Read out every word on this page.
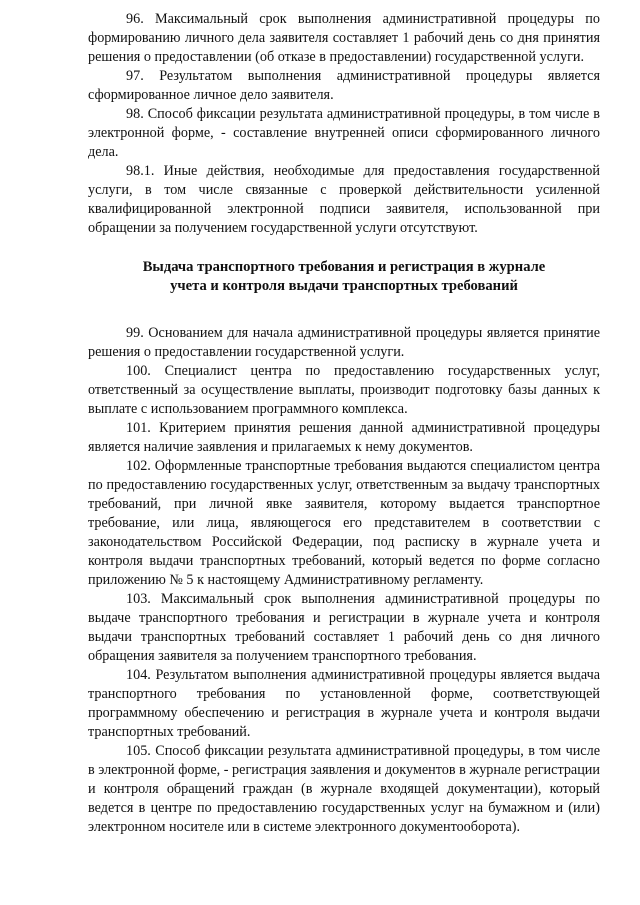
96. Максимальный срок выполнения административной процедуры по формированию личного дела заявителя составляет 1 рабочий день со дня принятия решения о предоставлении (об отказе в предоставлении) государственной услуги.

97. Результатом выполнения административной процедуры является сформированное личное дело заявителя.

98. Способ фиксации результата административной процедуры, в том числе в электронной форме, - составление внутренней описи сформированного личного дела.

98.1. Иные действия, необходимые для предоставления государственной услуги, в том числе связанные с проверкой действительности усиленной квалифицированной электронной подписи заявителя, использованной при обращении за получением государственной услуги отсутствуют.

Выдача транспортного требования и регистрация в журнале
учета и контроля выдачи транспортных требований

99. Основанием для начала административной процедуры является принятие решения о предоставлении государственной услуги.

100. Специалист центра по предоставлению государственных услуг, ответственный за осуществление выплаты, производит подготовку базы данных к выплате с использованием программного комплекса.

101. Критерием принятия решения данной административной процедуры является наличие заявления и прилагаемых к нему документов.

102. Оформленные транспортные требования выдаются специалистом центра по предоставлению государственных услуг, ответственным за выдачу транспортных требований, при личной явке заявителя, которому выдается транспортное требование, или лица, являющегося его представителем в соответствии с законодательством Российской Федерации, под расписку в журнале учета и контроля выдачи транспортных требований, который ведется по форме согласно приложению № 5 к настоящему Административному регламенту.

103. Максимальный срок выполнения административной процедуры по выдаче транспортного требования и регистрации в журнале учета и контроля выдачи транспортных требований составляет 1 рабочий день со дня личного обращения заявителя за получением транспортного требования.

104. Результатом выполнения административной процедуры является выдача транспортного требования по установленной форме, соответствующей программному обеспечению и регистрация в журнале учета и контроля выдачи транспортных требований.

105. Способ фиксации результата административной процедуры, в том числе в электронной форме, - регистрация заявления и документов в журнале регистрации и контроля обращений граждан (в журнале входящей документации), который ведется в центре по предоставлению государственных услуг на бумажном и (или) электронном носителе или в системе электронного документооборота).
